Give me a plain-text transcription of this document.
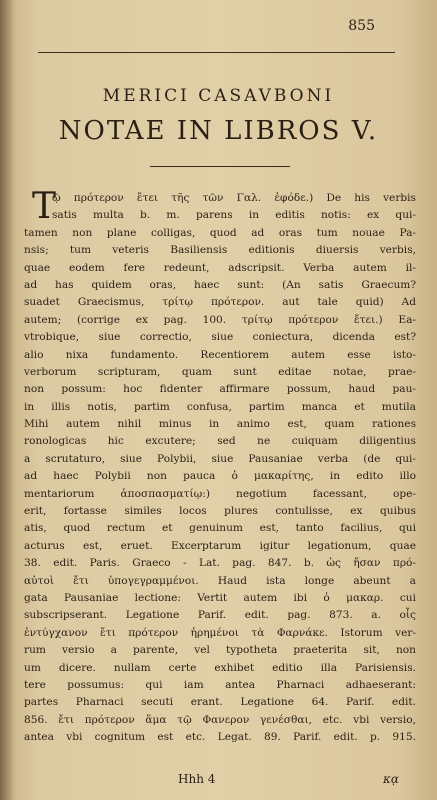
855
MERICI CASAVBONI
NOTAE IN LIBROS V.
T
ῷ πρότερον ἔτει τῆς τῶν Γαλ. ἐφόδε.) De his verbis
satis multa b. m. parens in editis notis: ex qui-
tamen non plane colligas, quod ad oras tum nouae Pa-
nsis; tum veteris Basiliensis editionis diuersis verbis,
quae eodem fere redeunt, adscripsit. Verba autem il-
ad has quidem oras, haec sunt: (An satis Graecum?
suadet Graecismus, τρίτῳ πρότερον. aut tale quid) Ad
autem; (corrige ex pag. 100. τρίτῳ πρότερον ἔτει.) Ea-
vtrobique, siue correctio, siue coniectura, dicenda est?
alio nixa fundamento. Recentiorem autem esse isto-
verborum scripturam, quam sunt editae notae, prae-
non possum: hoc fidenter affirmare possum, haud pau-
in illis notis, partim confusa, partim manca et mutila
Mihi autem nihil minus in animo est, quam rationes
ronologicas hic excutere; sed ne cuiquam diligentius
a scrutaturo, siue Polybii, siue Pausaniae verba (de qui-
ad haec Polybii non pauca ὁ μακαρίτης, in edito illo
mentariorum ἀποσπασματίῳ:) negotium facessant, ope-
erit, fortasse similes locos plures contulisse, ex quibus
atis, quod rectum et genuinum est, tanto facilius, qui
acturus est, eruet. Excerptarum igitur legationum, quae
38. edit. Paris. Graeco - Lat. pag. 847. b. ὡς ἤσαν πρό-
αὐτοὶ ἔτι ὑπογεγραμμένοι. Haud ista longe abeunt a
gata Pausaniae lectione: Vertit autem ibi ὁ μακαρ. cui
subscripserant. Legatione Parif. edit. pag. 873. a. οἷς
ἐντύγχανον ἔτι πρότερον ἡρημένοι τὰ Φαρνάκε. Istorum ver-
rum versio a parente, vel typotheta praeterita sit, non
um dicere. nullam certe exhibet editio illa Parisiensis.
tere possumus: qui iam antea Pharnaci adhaeserant:
partes Pharnaci secuti erant. Legatione 64. Parif. edit.
856. ἔτι πρότερον ἅμα τῷ Φανερον γενέσθαι, etc. vbi versio,
antea vbi cognitum est etc. Legat. 89. Parif. edit. p. 915.
Hhh 4	κᾳ
